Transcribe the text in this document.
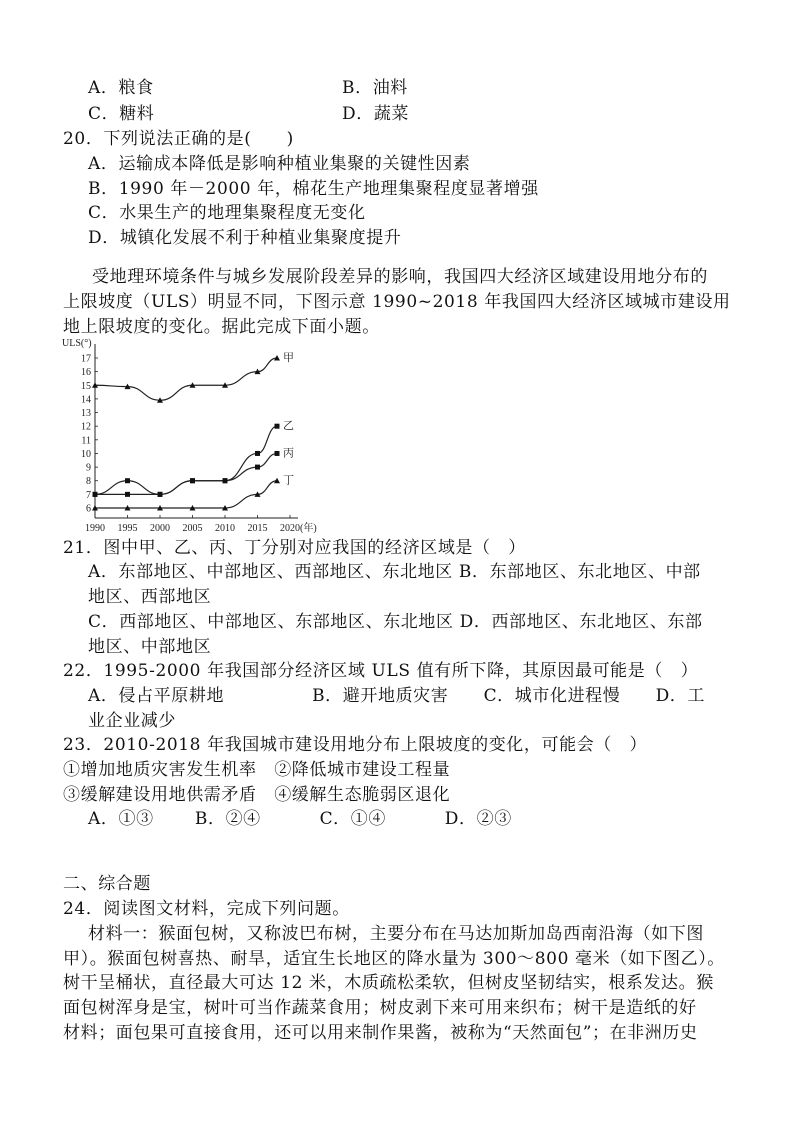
A．粮食	B．油料
C．糖料	D．蔬菜
20．下列说法正确的是(　　)
A．运输成本降低是影响种植业集聚的关键性因素
B．1990 年－2000 年，棉花生产地理集聚程度显著增强
C．水果生产的地理集聚程度无变化
D．城镇化发展不利于种植业集聚度提升
受地理环境条件与城乡发展阶段差异的影响，我国四大经济区域建设用地分布的
上限坡度（ULS）明显不同，下图示意 1990~2018 年我国四大经济区域城市建设用
地上限坡度的变化。据此完成下面小题。
ULS(°)
6
7
8
9
10
11
12
13
14
15
16
17
1990 1995 2000 2005 2010 2015 2020 (年)
甲
乙
丙
丁
21．图中甲、乙、丙、丁分别对应我国的经济区域是（　）
A．东部地区、中部地区、西部地区、东北地区 B．东部地区、东北地区、中部
地区、西部地区
C．西部地区、中部地区、东部地区、东北地区 D．西部地区、东北地区、东部
地区、中部地区
22．1995-2000 年我国部分经济区域 ULS 值有所下降，其原因最可能是（　）
A．侵占平原耕地　　　　　B．避开地质灾害　　C．城市化进程慢　　D．工
业企业减少
23．2010-2018 年我国城市建设用地分布上限坡度的变化，可能会（　）
①增加地质灾害发生机率　②降低城市建设工程量
③缓解建设用地供需矛盾　④缓解生态脆弱区退化
A．①③　　 B．②④　　　 C．①④　　　 D．②③
二、综合题
24．阅读图文材料，完成下列问题。
材料一：猴面包树，又称波巴布树，主要分布在马达加斯加岛西南沿海（如下图
甲）。猴面包树喜热、耐旱，适宜生长地区的降水量为 300～800 毫米（如下图乙）。
树干呈桶状，直径最大可达 12 米，木质疏松柔软，但树皮坚韧结实，根系发达。猴
面包树浑身是宝，树叶可当作蔬菜食用；树皮剥下来可用来织布；树干是造纸的好
材料；面包果可直接食用，还可以用来制作果酱，被称为“天然面包”；在非洲历史
